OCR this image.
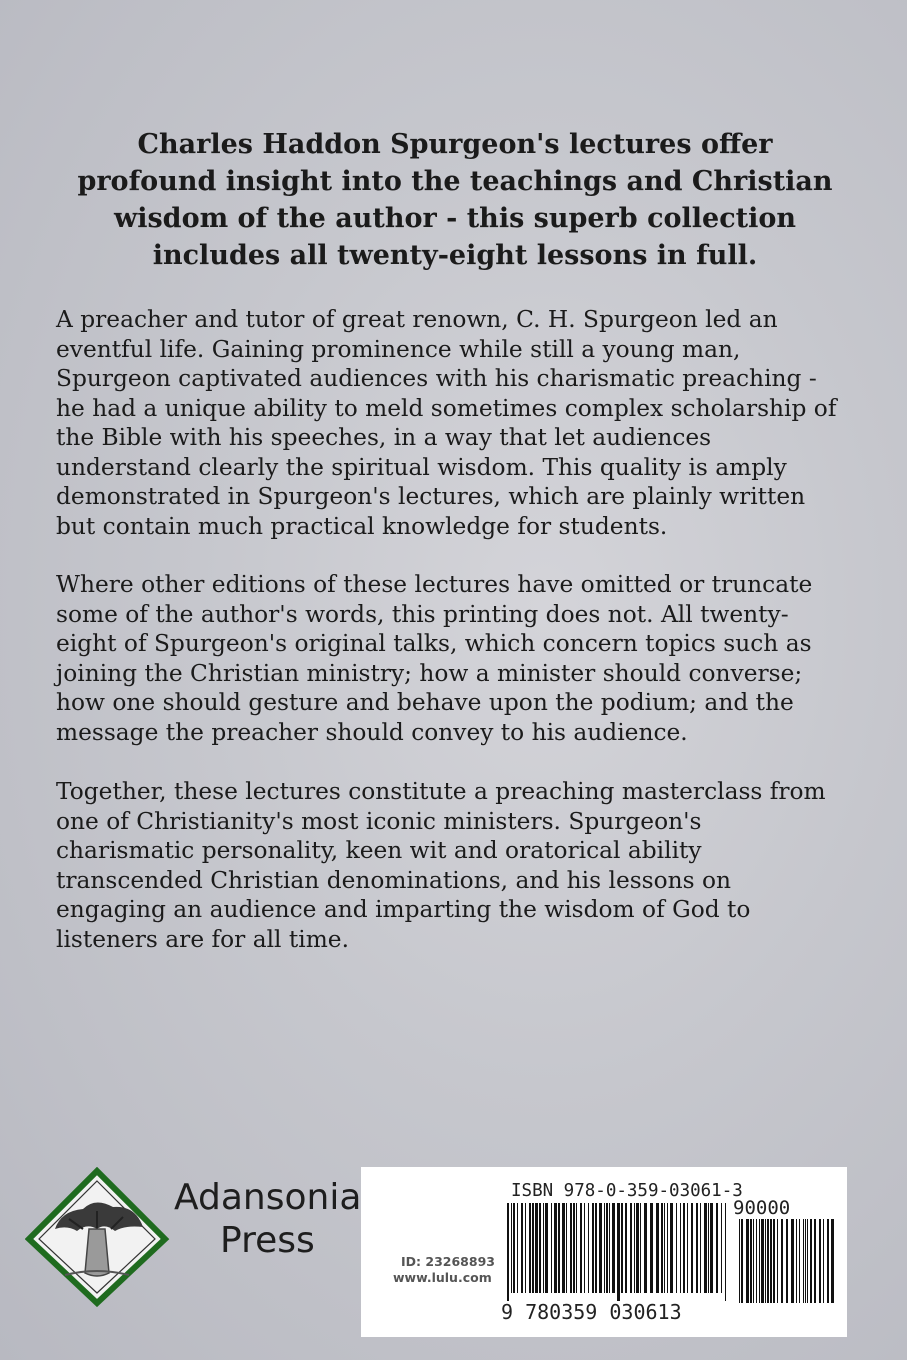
Charles Haddon Spurgeon's lectures offer profound insight into the teachings and Christian wisdom of the author - this superb collection includes all twenty-eight lessons in full.
A preacher and tutor of great renown, C. H. Spurgeon led an eventful life. Gaining prominence while still a young man, Spurgeon captivated audiences with his charismatic preaching - he had a unique ability to meld sometimes complex scholarship of the Bible with his speeches, in a way that let audiences understand clearly the spiritual wisdom. This quality is amply demonstrated in Spurgeon's lectures, which are plainly written but contain much practical knowledge for students.
Where other editions of these lectures have omitted or truncate some of the author's words, this printing does not. All twenty-eight of Spurgeon's original talks, which concern topics such as joining the Christian ministry; how a minister should converse; how one should gesture and behave upon the podium; and the message the preacher should convey to his audience.
Together, these lectures constitute a preaching masterclass from one of Christianity's most iconic ministers. Spurgeon's charismatic personality, keen wit and oratorical ability transcended Christian denominations, and his lessons on engaging an audience and imparting the wisdom of God to listeners are for all time.
Adansonia
Press
ISBN 978-0-359-03061-3
90000
ID: 23268893
www.lulu.com
9 780359 030613
